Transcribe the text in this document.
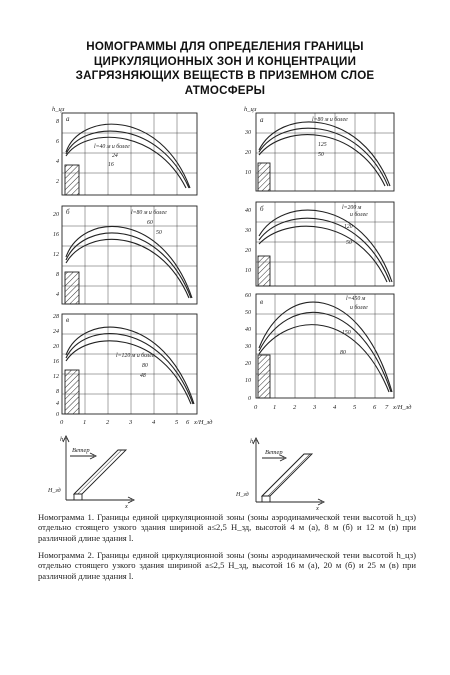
НОМОГРАММЫ ДЛЯ ОПРЕДЕЛЕНИЯ ГРАНИЦЫ
ЦИРКУЛЯЦИОННЫХ ЗОН И КОНЦЕНТРАЦИИ
ЗАГРЯЗНЯЮЩИХ ВЕЩЕСТВ В ПРИЗЕМНОМ СЛОЕ
АТМОСФЕРЫ
h_цз
а
8
6
4
2
l=40 м и более
24
16
б
20
16
12
8
4
l=80 м и более
60
50
в
28
24
20
16
12
8
4
0
l=120 м и более
80
48
0	1	2	3	4	5 6 x/H_зд
h_цз
а
30
20
10
l=80 м и более
125
50
б
40
30
20
10
l=200 м
и более
120
50
в
60
50
40
30
20
10
0
l=450 м
и более
150
80
0 1	2	3	4	5	6 7 x/H_зд
Ветер
h
x
H_зд
Ветер
h
x
H_зд
Номограмма 1. Границы единой циркуляционной зоны (зоны аэродинамической тени высотой h_цз) отдельно стоящего узкого здания шириной a≤2,5 H_зд, высотой 4 м (а), 8 м (б) и 12 м (в) при различной длине здания l.
Номограмма 2. Границы единой циркуляционной зоны (зоны аэродинамической тени высотой h_цз) отдельно стоящего узкого здания шириной a≤2,5 H_зд, высотой 16 м (а), 20 м (б) и 25 м (в) при различной длине здания l.
